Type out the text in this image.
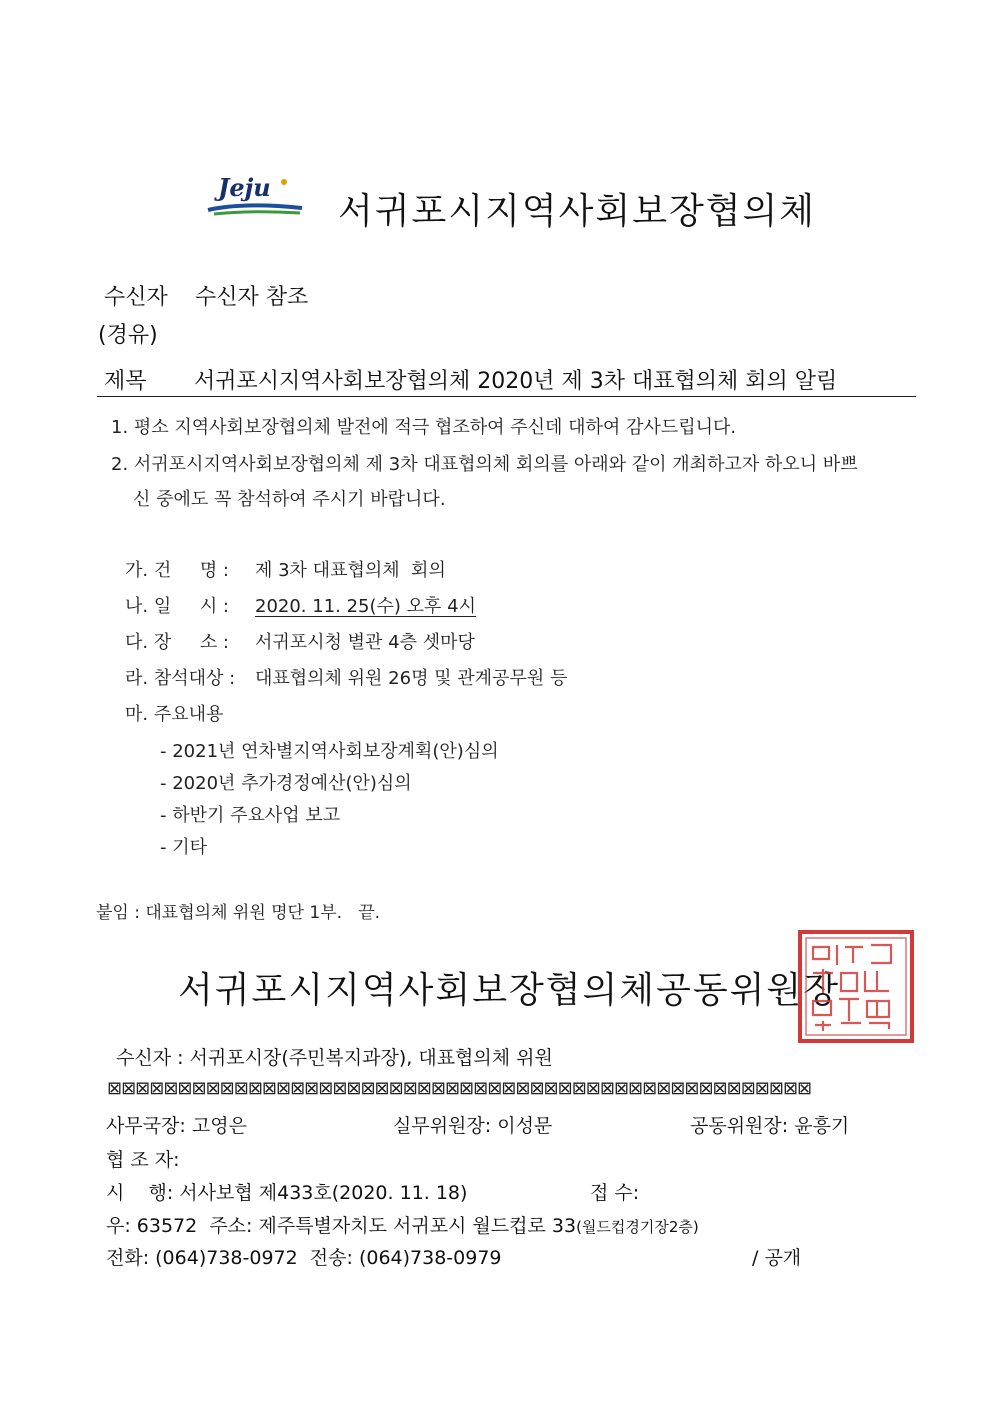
Jeju
서귀포시지역사회보장협의체
수신자 수신자 참조
(경유)
제목 서귀포시지역사회보장협의체 2020년 제 3차 대표협의체 회의 알림
1. 평소 지역사회보장협의체 발전에 적극 협조하여 주신데 대하여 감사드립니다.
2. 서귀포시지역사회보장협의체 제 3차 대표협의체 회의를 아래와 같이 개최하고자 하오니 바쁘
신 중에도 꼭 참석하여 주시기 바랍니다.
가. 건     명 : 제 3차 대표협의체  회의
나. 일     시 : 2020. 11. 25(수) 오후 4시
다. 장     소 : 서귀포시청 별관 4층 셋마당
라. 참석대상 : 대표협의체 위원 26명 및 관계공무원 등
마. 주요내용
- 2021년 연차별지역사회보장계획(안)심의
- 2020년 추가경정예산(안)심의
- 하반기 주요사업 보고
- 기타
붙임 : 대표협의체 위원 명단 1부.   끝.
서귀포시지역사회보장협의체공동위원장
수신자 : 서귀포시장(주민복지과장), 대표협의체 위원
⊠⊠⊠⊠⊠⊠⊠⊠⊠⊠⊠⊠⊠⊠⊠⊠⊠⊠⊠⊠⊠⊠⊠⊠⊠⊠⊠⊠⊠⊠⊠⊠⊠⊠⊠⊠⊠⊠⊠⊠⊠⊠⊠⊠⊠⊠⊠⊠⊠⊠
사무국장: 고영은	실무위원장: 이성문	공동위원장: 윤흥기
협 조 자:
시    행: 서사보협 제433호(2020. 11. 18)	접 수:
우: 63572  주소: 제주특별자치도 서귀포시 월드컵로 33(월드컵경기장2층)
전화: (064)738-0972  전송: (064)738-0979	/ 공개
